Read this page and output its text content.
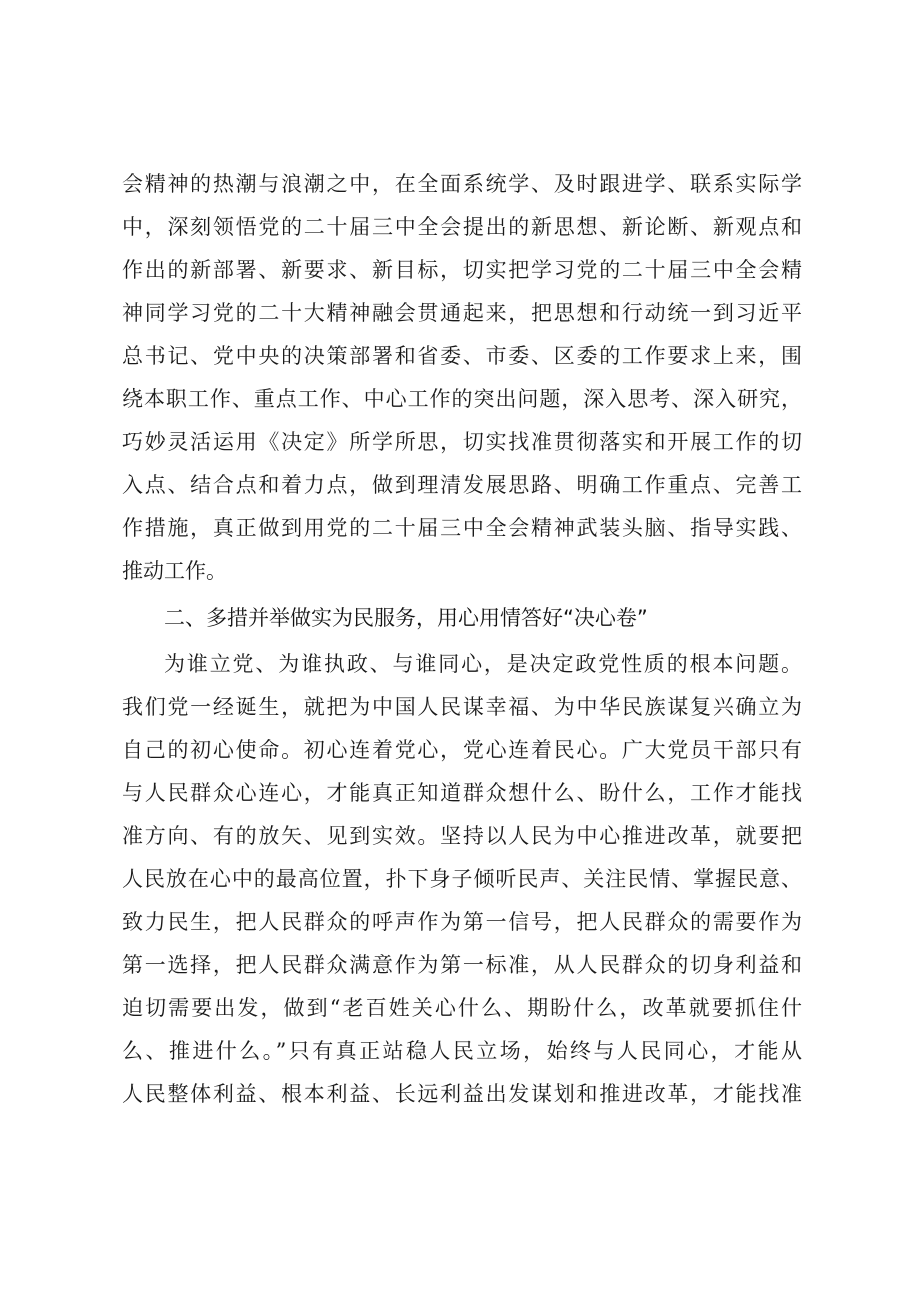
会精神的热潮与浪潮之中，在全面系统学、及时跟进学、联系实际学
中，深刻领悟党的二十届三中全会提出的新思想、新论断、新观点和
作出的新部署、新要求、新目标，切实把学习党的二十届三中全会精
神同学习党的二十大精神融会贯通起来，把思想和行动统一到习近平
总书记、党中央的决策部署和省委、市委、区委的工作要求上来，围
绕本职工作、重点工作、中心工作的突出问题，深入思考、深入研究，
巧妙灵活运用《决定》所学所思，切实找准贯彻落实和开展工作的切
入点、结合点和着力点，做到理清发展思路、明确工作重点、完善工
作措施，真正做到用党的二十届三中全会精神武装头脑、指导实践、
推动工作。
二、多措并举做实为民服务，用心用情答好“决心卷”
为谁立党、为谁执政、与谁同心，是决定政党性质的根本问题。
我们党一经诞生，就把为中国人民谋幸福、为中华民族谋复兴确立为
自己的初心使命。初心连着党心，党心连着民心。广大党员干部只有
与人民群众心连心，才能真正知道群众想什么、盼什么，工作才能找
准方向、有的放矢、见到实效。坚持以人民为中心推进改革，就要把
人民放在心中的最高位置，扑下身子倾听民声、关注民情、掌握民意、
致力民生，把人民群众的呼声作为第一信号，把人民群众的需要作为
第一选择，把人民群众满意作为第一标准，从人民群众的切身利益和
迫切需要出发，做到“老百姓关心什么、期盼什么，改革就要抓住什
么、推进什么。”只有真正站稳人民立场，始终与人民同心，才能从
人民整体利益、根本利益、长远利益出发谋划和推进改革，才能找准
